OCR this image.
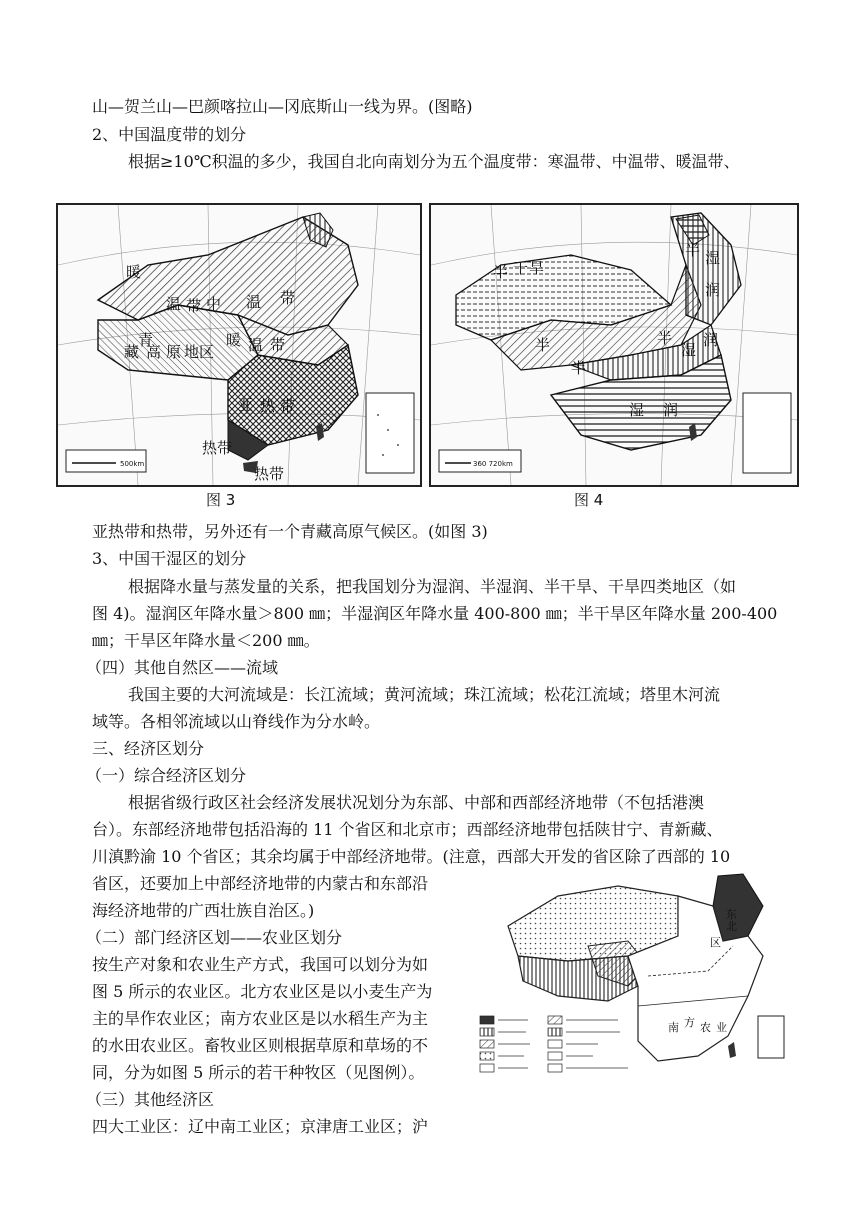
山—贺兰山—巴颜喀拉山—冈底斯山一线为界。(图略)
2、中国温度带的划分
根据≥10℃积温的多少，我国自北向南划分为五个温度带：寒温带、中温带、暖温带、
500km
暖
温 带 中 温 带
青
藏 高 原 地区
暖 温 带
亚 热 带
热带
热带
图 3
360 720km
半 干 旱
半 湿
润
半
湿
润
半
湿 润
半
图 4
亚热带和热带，另外还有一个青藏高原气候区。(如图 3)
3、中国干湿区的划分
根据降水量与蒸发量的关系，把我国划分为湿润、半湿润、半干旱、干旱四类地区（如
图 4)。湿润区年降水量＞800 ㎜；半湿润区年降水量 400-800 ㎜；半干旱区年降水量 200-400
㎜；干旱区年降水量＜200 ㎜。
（四）其他自然区——流域
我国主要的大河流域是：长江流域；黄河流域；珠江流域；松花江流域；塔里木河流
域等。各相邻流域以山脊线作为分水岭。
三、经济区划分
（一）综合经济区划分
根据省级行政区社会经济发展状况划分为东部、中部和西部经济地带（不包括港澳
台）。东部经济地带包括沿海的 11 个省区和北京市；西部经济地带包括陕甘宁、青新藏、
川滇黔渝 10 个省区；其余均属于中部经济地带。(注意，西部大开发的省区除了西部的 10
省区，还要加上中部经济地带的内蒙古和东部沿
海经济地带的广西壮族自治区。)
（二）部门经济区划——农业区划分
按生产对象和农业生产方式，我国可以划分为如
图 5 所示的农业区。北方农业区是以小麦生产为
主的旱作农业区；南方农业区是以水稻生产为主
的水田农业区。畜牧业区则根据草原和草场的不
同，分为如图 5 所示的若干种牧区（见图例）。
（三）其他经济区
四大工业区：辽中南工业区；京津唐工业区；沪
东
北
区
南 方 农 业
